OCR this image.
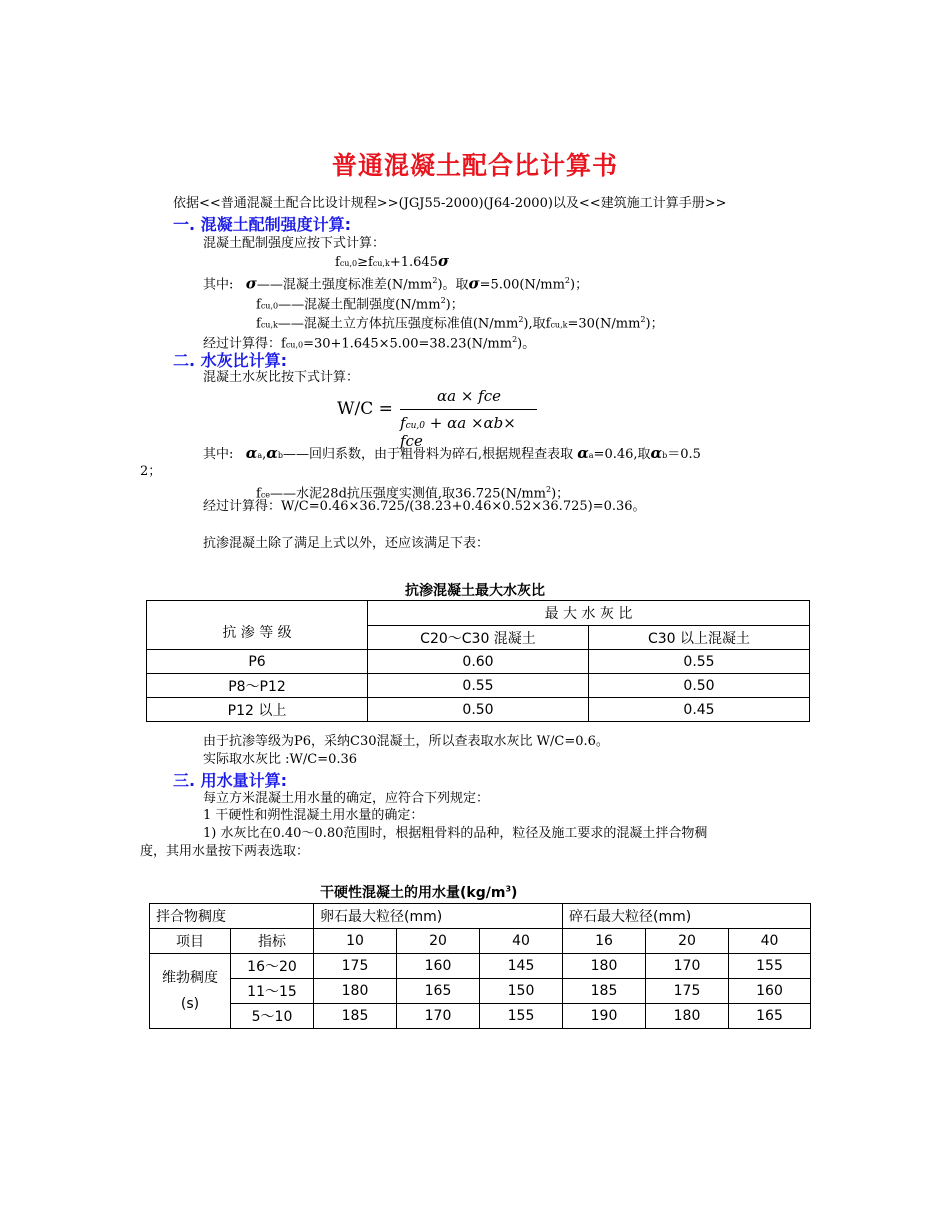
普通混凝土配合比计算书
依据<<普通混凝土配合比设计规程>>(JGJ55-2000)(J64-2000)以及<<建筑施工计算手册>>
一. 混凝土配制强度计算:
混凝土配制强度应按下式计算：
fcu,0≥fcu,k+1.645σ
其中: σ——混凝土强度标准差$(N/mm^2)$。取$\sigma=5.00(N/mm^2)$；
fcu,0——混凝土配制强度$(N/mm^2)$；
fcu,k——混凝土立方体抗压强度标准值$(N/mm^2)$,取$fcu,k=30(N/mm^2)$；
经过计算得：$fcu,0=30+1.645\times 5.00=38.23(N/mm^2)$。
二. 水灰比计算:
混凝土水灰比按下式计算：
W/C =
αa × fce
fcu,0 + αa ×αb× fce
其中: αa,αb——回归系数，由于粗骨料为碎石,根据规程查表取 αa=0.46,取αb＝0.5
2；
fce——水泥28d抗压强度实测值,取$36.725(N/mm^2)$；
经过计算得：W/C=0.46×36.725/(38.23+0.46×0.52×36.725)=0.36。
抗渗混凝土除了满足上式以外，还应该满足下表：
抗渗混凝土最大水灰比
抗 渗 等 级	最 大 水 灰 比	
	C20～C30 混凝土	C30 以上混凝土
P6	0.60	0.55
P8～P12	0.55	0.50
P12 以上	0.50	0.45
由于抗渗等级为P6，采纳C30混凝土，所以查表取水灰比 W/C=0.6。
实际取水灰比 :W/C=0.36
三. 用水量计算:
每立方米混凝土用水量的确定，应符合下列规定：
1 干硬性和朔性混凝土用水量的确定：
1) 水灰比在0.40～0.80范围时，根据粗骨料的品种，粒径及施工要求的混凝土拌合物稠
度，其用水量按下两表选取：
干硬性混凝土的用水量$(kg/m^3)$
拌合物稠度		卵石最大粒径(mm)			碎石最大粒径(mm)		
项目	指标	10	20	40	16	20	40
维勃稠度
(s)	16～20	175	160	145	180	170	155
	11～15	180	165	150	185	175	160
	5～10	185	170	155	190	180	165
